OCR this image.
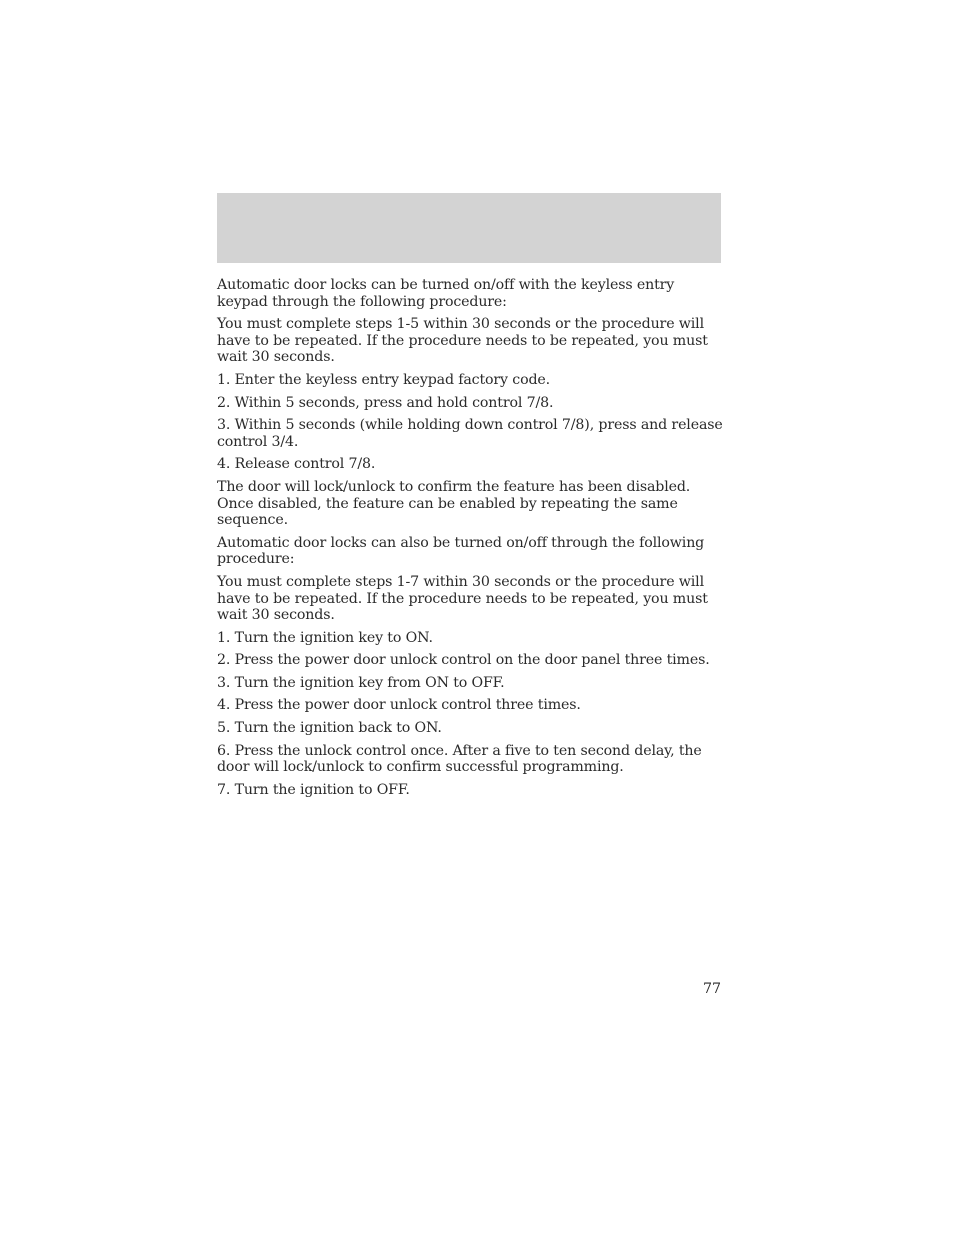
Automatic door locks can be turned on/off with the keyless entry keypad through the following procedure:

You must complete steps 1-5 within 30 seconds or the procedure will have to be repeated. If the procedure needs to be repeated, you must wait 30 seconds.

1. Enter the keyless entry keypad factory code.

2. Within 5 seconds, press and hold control 7/8.

3. Within 5 seconds (while holding down control 7/8), press and release control 3/4.

4. Release control 7/8.

The door will lock/unlock to confirm the feature has been disabled. Once disabled, the feature can be enabled by repeating the same sequence.

Automatic door locks can also be turned on/off through the following procedure:

You must complete steps 1-7 within 30 seconds or the procedure will have to be repeated. If the procedure needs to be repeated, you must wait 30 seconds.

1. Turn the ignition key to ON.

2. Press the power door unlock control on the door panel three times.

3. Turn the ignition key from ON to OFF.

4. Press the power door unlock control three times.

5. Turn the ignition back to ON.

6. Press the unlock control once. After a five to ten second delay, the door will lock/unlock to confirm successful programming.

7. Turn the ignition to OFF.

77
